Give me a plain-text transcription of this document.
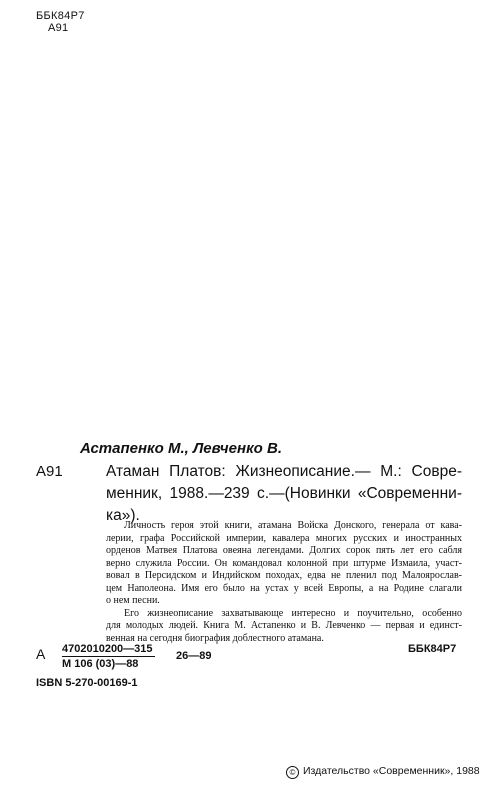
ББК84Р7
А91
Астапенко М., Левченко В.
А91	Атаман Платов: Жизнеописание.— М.: Совре-
менник, 1988.—239 с.—(Новинки «Современни-
ка»).

Личность героя этой книги, атамана Войска Донского, генерала от кава-
лерии, графа Российской империи, кавалера многих русских и иностранных
орденов Матвея Платова овеяна легендами. Долгих сорок пять лет его сабля
верно служила России. Он командовал колонной при штурме Измаила, участ-
вовал в Персидском и Индийском походах, едва не пленил под Малоярослав-
цем Наполеона. Имя его было на устах у всей Европы, а на Родине слагали
о нем песни.

Его жизнеописание захватывающе интересно и поучительно, особенно
для молодых людей. Книга М. Астапенко и В. Левченко — первая и единст-
венная на сегодня биография доблестного атамана.

А 4702010200—315
М 106 (03)—88
26—89
ББК84Р7
ISBN 5-270-00169-1
© Издательство «Современник», 1988
